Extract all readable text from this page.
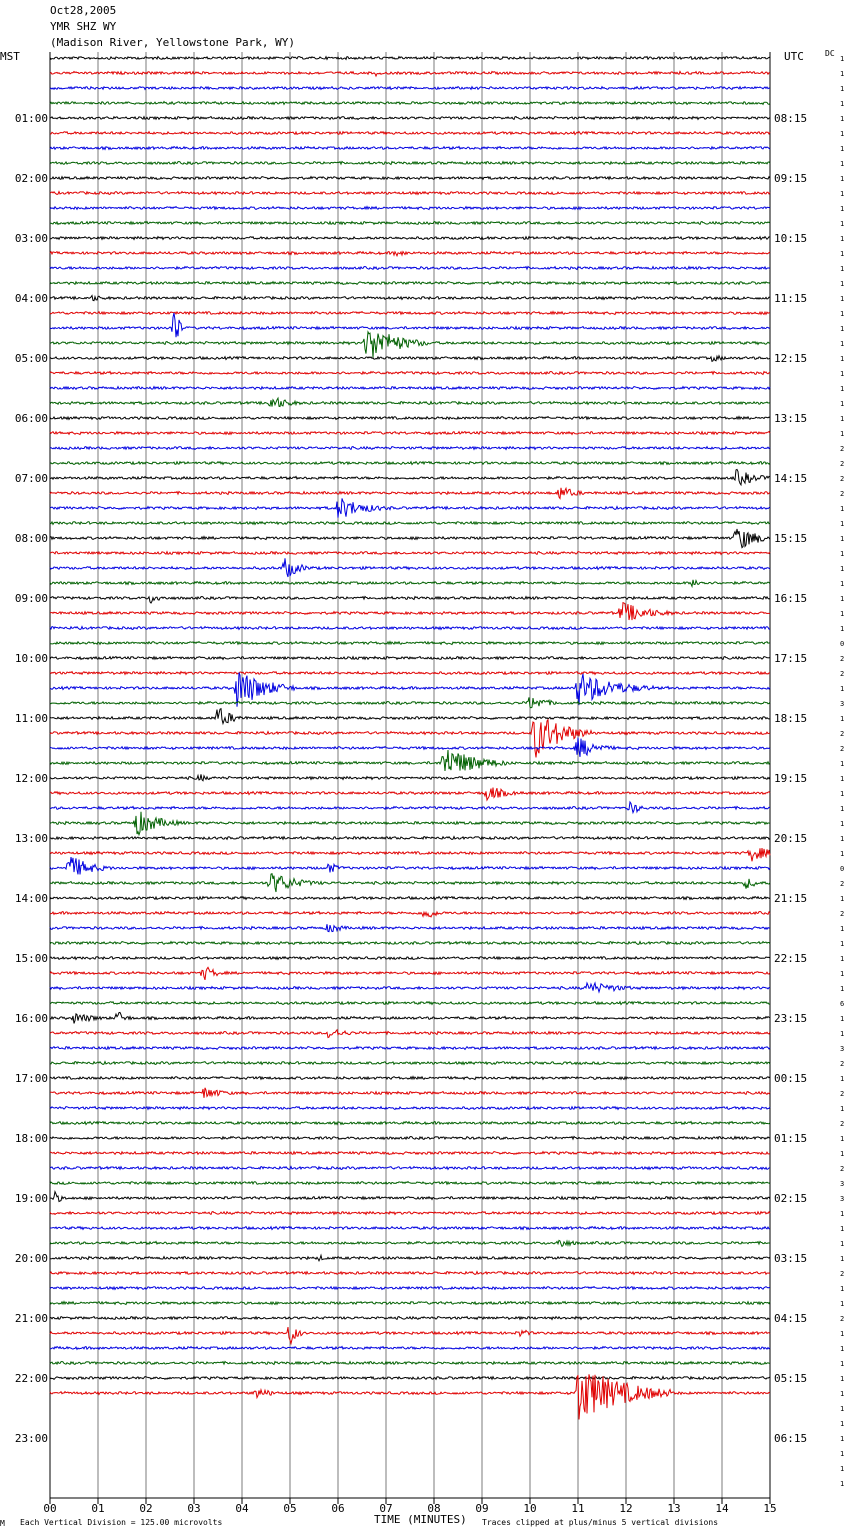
Oct28,2005
YMR SHZ WY
(Madison River, Yellowstone Park, WY)
MST	UTC	DC
00	01	02	03	04	05	06	07	08	09	10	11	12	13	14	15
01:00
02:00
03:00
04:00
05:00
06:00
07:00
08:00
09:00
10:00
11:00
12:00
13:00
14:00
15:00
16:00
17:00
18:00
19:00
20:00
21:00
22:00
23:00
08:15
09:15
10:15
11:15
12:15
13:15
14:15
15:15
16:15
17:15
18:15
19:15
20:15
21:15
22:15
23:15
00:15
01:15
02:15
03:15
04:15
05:15
06:15
1
1
1
1
1
1
1
1
1
1
1
1
1
1
1
1
1
1
1
1
1
1
1
1
1
1
2
2
2
2
1
1
1
1
1
1
1
1
1
0
2
2
1
3
1
2
2
1
1
1
1
1
1
1
0
2
1
2
1
1
1
1
1
6
1
1
3
2
1
2
1
2
1
1
2
3
3
1
1
1
1
2
1
1
2
1
1
1
1
1
1
1
1
1
1
1
M Each Vertical Division = 125.00 microvolts	TIME (MINUTES) Traces clipped at plus/minus 5 vertical divisions
